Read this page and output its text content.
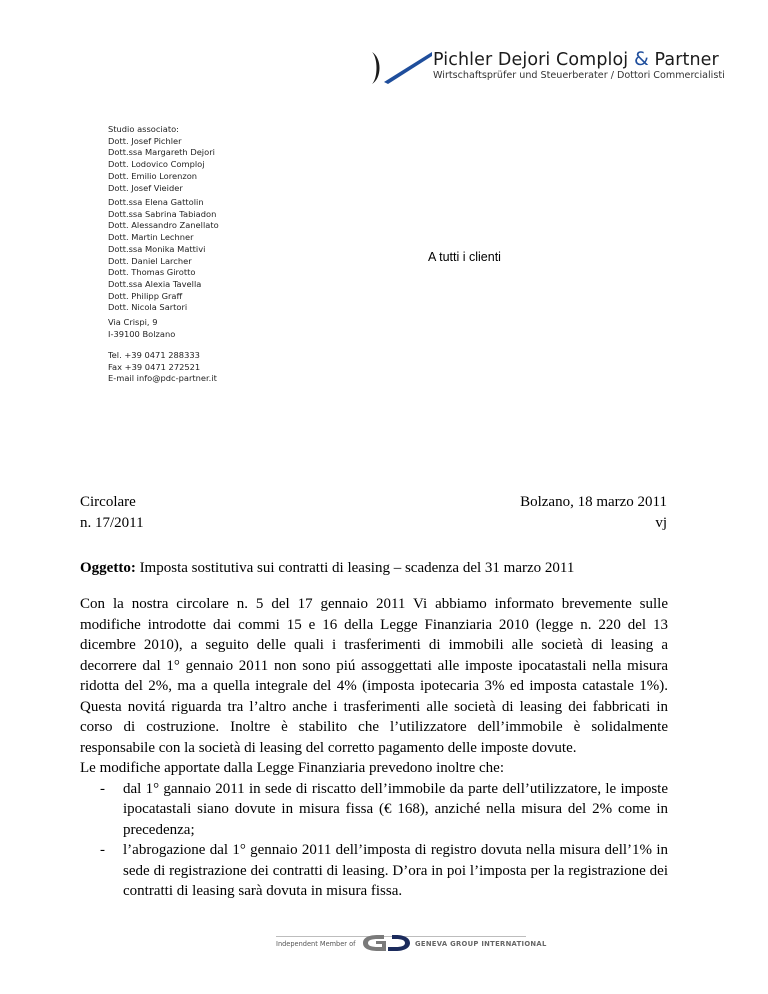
Pichler Dejori Comploj & Partner
Wirtschaftsprüfer und Steuerberater / Dottori Commercialisti
Studio associato:
Dott. Josef Pichler
Dott.ssa Margareth Dejori
Dott. Lodovico Comploj
Dott. Emilio Lorenzon
Dott. Josef Vieider
Dott.ssa Elena Gattolin
Dott.ssa Sabrina Tabiadon
Dott. Alessandro Zanellato
Dott. Martin Lechner
Dott.ssa Monika Mattivi
Dott. Daniel Larcher
Dott. Thomas Girotto
Dott.ssa Alexia Tavella
Dott. Philipp Graff
Dott. Nicola Sartori
Via Crispi, 9
I-39100 Bolzano
Tel. +39 0471 288333
Fax +39 0471 272521
E-mail info@pdc-partner.it
A tutti i clienti
Circolare
n. 17/2011
Bolzano, 18 marzo 2011
vj
Oggetto: Imposta sostitutiva sui contratti di leasing – scadenza del 31 marzo 2011

Con la nostra circolare n. 5 del 17 gennaio 2011 Vi abbiamo informato brevemente sulle modifiche introdotte dai commi 15 e 16 della Legge Finanziaria 2010 (legge n. 220 del 13 dicembre 2010), a seguito delle quali i trasferimenti di immobili alle società di leasing a decorrere dal 1° gennaio 2011 non sono piú assoggettati alle imposte ipocatastali nella misura ridotta del 2%, ma a quella integrale del 4% (imposta ipotecaria 3% ed imposta catastale 1%). Questa novitá riguarda tra l’altro anche i trasferimenti alle società di leasing dei fabbricati in corso di costruzione. Inoltre è stabilito che l’utilizzatore dell’immobile è solidalmente responsabile con la società di leasing del corretto pagamento delle imposte dovute.

Le modifiche apportate dalla Legge Finanziaria prevedono inoltre che:

- dal 1° gannaio 2011 in sede di riscatto dell’immobile da parte dell’utilizzatore, le imposte ipocatastali siano dovute in misura fissa (€ 168), anziché nella misura del 2% come in precedenza;
- l’abrogazione dal 1° gennaio 2011 dell’imposta di registro dovuta nella misura dell’1% in sede di registrazione dei contratti di leasing. D’ora in poi l’imposta per la registrazione dei contratti di leasing sarà dovuta in misura fissa.
Independent Member of	GENEVA GROUP INTERNATIONAL
